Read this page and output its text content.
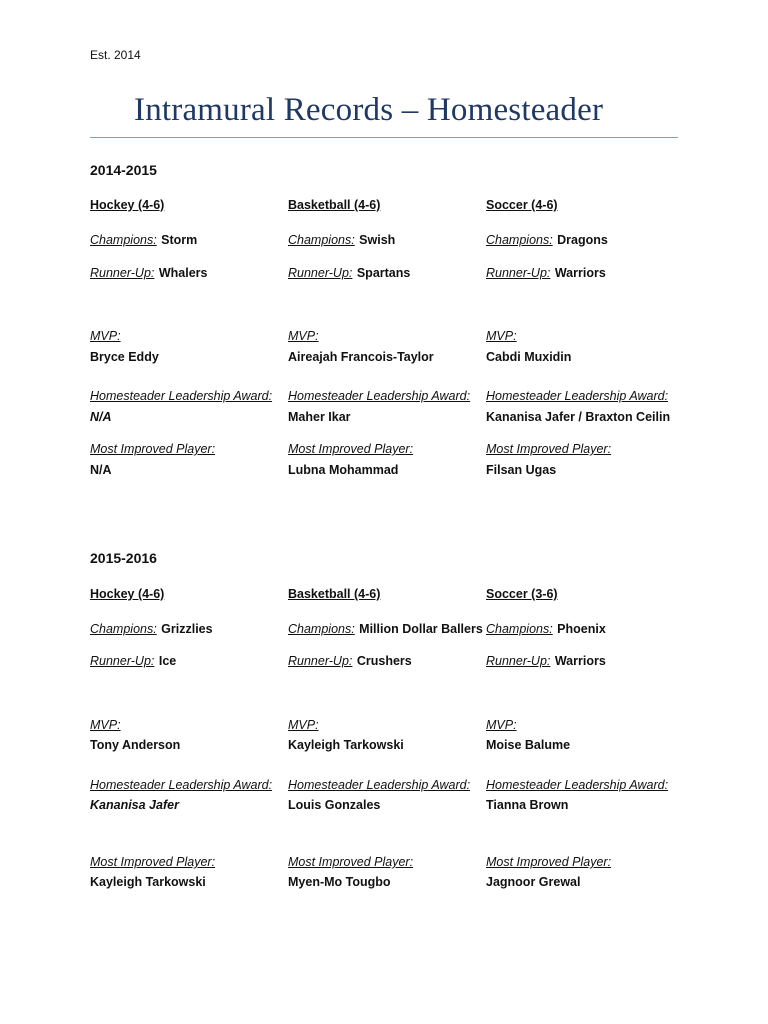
Est. 2014
Intramural Records – Homesteader
2014-2015
Hockey (4-6)
Champions: Storm
Runner-Up: Whalers
MVP:
Bryce Eddy
Homesteader Leadership Award:
N/A
Most Improved Player:
N/A
Basketball (4-6)
Champions: Swish
Runner-Up: Spartans
MVP:
Aireajah Francois-Taylor
Homesteader Leadership Award:
Maher Ikar
Most Improved Player:
Lubna Mohammad
Soccer (4-6)
Champions: Dragons
Runner-Up: Warriors
MVP:
Cabdi Muxidin
Homesteader Leadership Award:
Kananisa Jafer / Braxton Ceilin
Most Improved Player:
Filsan Ugas
2015-2016
Hockey (4-6)
Champions: Grizzlies
Runner-Up: Ice
MVP:
Tony Anderson
Homesteader Leadership Award:
Kananisa Jafer
Most Improved Player:
Kayleigh Tarkowski
Basketball (4-6)
Champions: Million Dollar Ballers
Runner-Up: Crushers
MVP:
Kayleigh Tarkowski
Homesteader Leadership Award:
Louis Gonzales
Most Improved Player:
Myen-Mo Tougbo
Soccer (3-6)
Champions: Phoenix
Runner-Up: Warriors
MVP:
Moise Balume
Homesteader Leadership Award:
Tianna Brown
Most Improved Player:
Jagnoor Grewal
